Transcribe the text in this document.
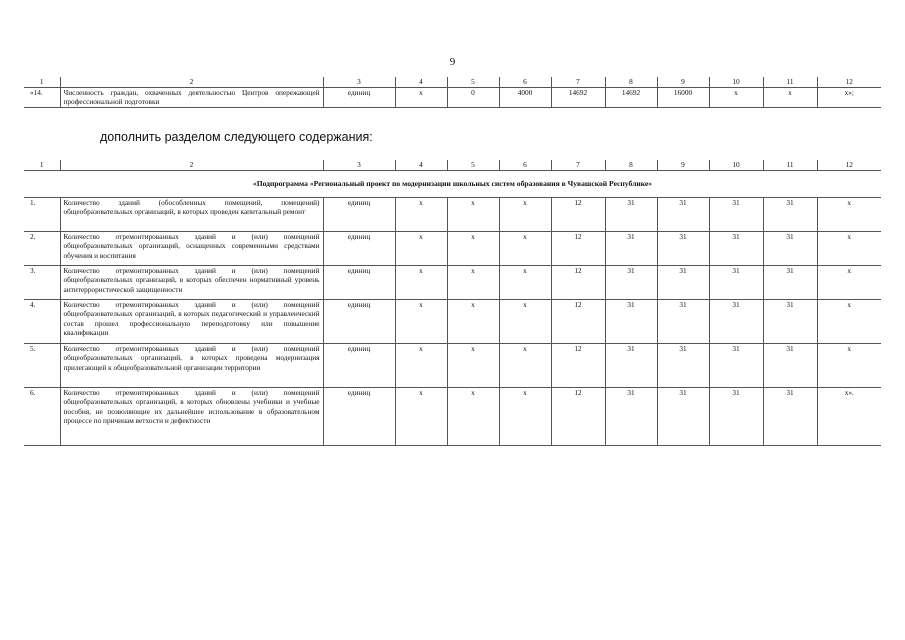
9
1	2	3	4	5	6	7	8	9	10	11	12
«14.	Численность граждан, охваченных деятельностью Центров опережающей профессиональной подготовки	единиц	х	0	4000	14692	14692	16000	х	х	х»;
дополнить разделом следующего содержания:
1	2	3	4	5	6	7	8	9	10	11	12
«Подпрограмма «Региональный проект по модернизации школьных систем образования в Чувашской Республике»											
1.	Количество зданий (обособленных помещений, помещений) общеобразовательных организаций, в которых проведен капитальный ремонт	единиц	х	х	х	12	31	31	31	31	х
2.	Количество отремонтированных зданий и (или) помещений общеобразовательных организаций, оснащенных современными средствами обучения и воспитания	единиц	х	х	х	12	31	31	31	31	х
3.	Количество отремонтированных зданий и (или) помещений общеобразовательных организаций, в которых обеспечен нормативный уровень антитеррористической защищенности	единиц	х	х	х	12	31	31	31	31	х
4.	Количество отремонтированных зданий и (или) помещений общеобразовательных организаций, в которых педагогический и управленческий состав прошел профессиональную переподготовку или повышение квалификации	единиц	х	х	х	12	31	31	31	31	х
5.	Количество отремонтированных зданий и (или) помещений общеобразовательных организаций, в которых проведена модернизация прилегающей к общеобразовательной организации территории	единиц	х	х	х	12	31	31	31	31	х
6.	Количество отремонтированных зданий и (или) помещений общеобразовательных организаций, в которых обновлены учебники и учебные пособия, не позволяющие их дальнейшее использование в образовательном процессе по причинам ветхости и дефектности	единиц	х	х	х	12	31	31	31	31	х».
